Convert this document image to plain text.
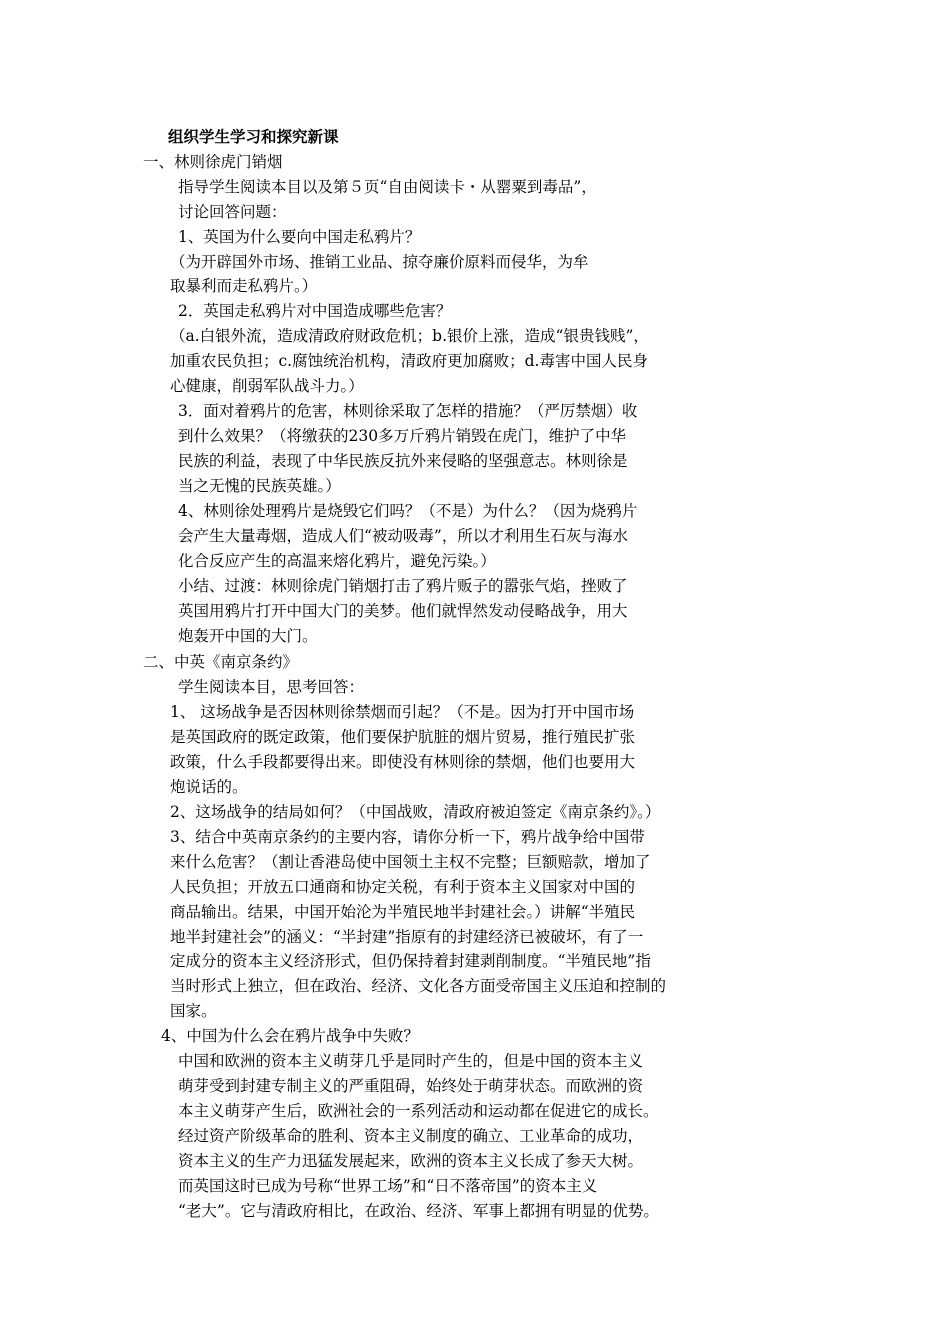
组织学生学习和探究新课
一、林则徐虎门销烟
指导学生阅读本目以及第５页“自由阅读卡・从罂粟到毒品”，
讨论回答问题：
1、英国为什么要向中国走私鸦片？
（为开辟国外市场、推销工业品、掠夺廉价原料而侵华，为牟
取暴利而走私鸦片。）
2．英国走私鸦片对中国造成哪些危害？
（a.白银外流，造成清政府财政危机；b.银价上涨，造成“银贵钱贱”，
加重农民负担；c.腐蚀统治机构，清政府更加腐败；d.毒害中国人民身
心健康，削弱军队战斗力。）
3．面对着鸦片的危害，林则徐采取了怎样的措施？（严厉禁烟）收
到什么效果？（将缴获的230多万斤鸦片销毁在虎门，维护了中华
民族的利益，表现了中华民族反抗外来侵略的坚强意志。林则徐是
当之无愧的民族英雄。）
4、林则徐处理鸦片是烧毁它们吗？（不是）为什么？（因为烧鸦片
会产生大量毒烟，造成人们“被动吸毒”，所以才利用生石灰与海水
化合反应产生的高温来熔化鸦片，避免污染。）
小结、过渡：林则徐虎门销烟打击了鸦片贩子的嚣张气焰，挫败了
英国用鸦片打开中国大门的美梦。他们就悍然发动侵略战争，用大
炮轰开中国的大门。
二、中英《南京条约》
学生阅读本目，思考回答：
1、 这场战争是否因林则徐禁烟而引起？（不是。因为打开中国市场
是英国政府的既定政策，他们要保护肮脏的烟片贸易，推行殖民扩张
政策，什么手段都要得出来。即使没有林则徐的禁烟，他们也要用大
炮说话的。
2、这场战争的结局如何？（中国战败，清政府被迫签定《南京条约》。）
3、结合中英南京条约的主要内容，请你分析一下，鸦片战争给中国带
来什么危害？（割让香港岛使中国领土主权不完整；巨额赔款，增加了
人民负担；开放五口通商和协定关税，有利于资本主义国家对中国的
商品输出。结果，中国开始沦为半殖民地半封建社会。）讲解“半殖民
地半封建社会”的涵义：“半封建”指原有的封建经济已被破坏，有了一
定成分的资本主义经济形式，但仍保持着封建剥削制度。“半殖民地”指
当时形式上独立，但在政治、经济、文化各方面受帝国主义压迫和控制的
国家。
4、中国为什么会在鸦片战争中失败？
中国和欧洲的资本主义萌芽几乎是同时产生的，但是中国的资本主义
萌芽受到封建专制主义的严重阻碍，始终处于萌芽状态。而欧洲的资
本主义萌芽产生后，欧洲社会的一系列活动和运动都在促进它的成长。
经过资产阶级革命的胜利、资本主义制度的确立、工业革命的成功，
资本主义的生产力迅猛发展起来，欧洲的资本主义长成了参天大树。
而英国这时已成为号称“世界工场”和“日不落帝国”的资本主义
“老大”。它与清政府相比，在政治、经济、军事上都拥有明显的优势。
